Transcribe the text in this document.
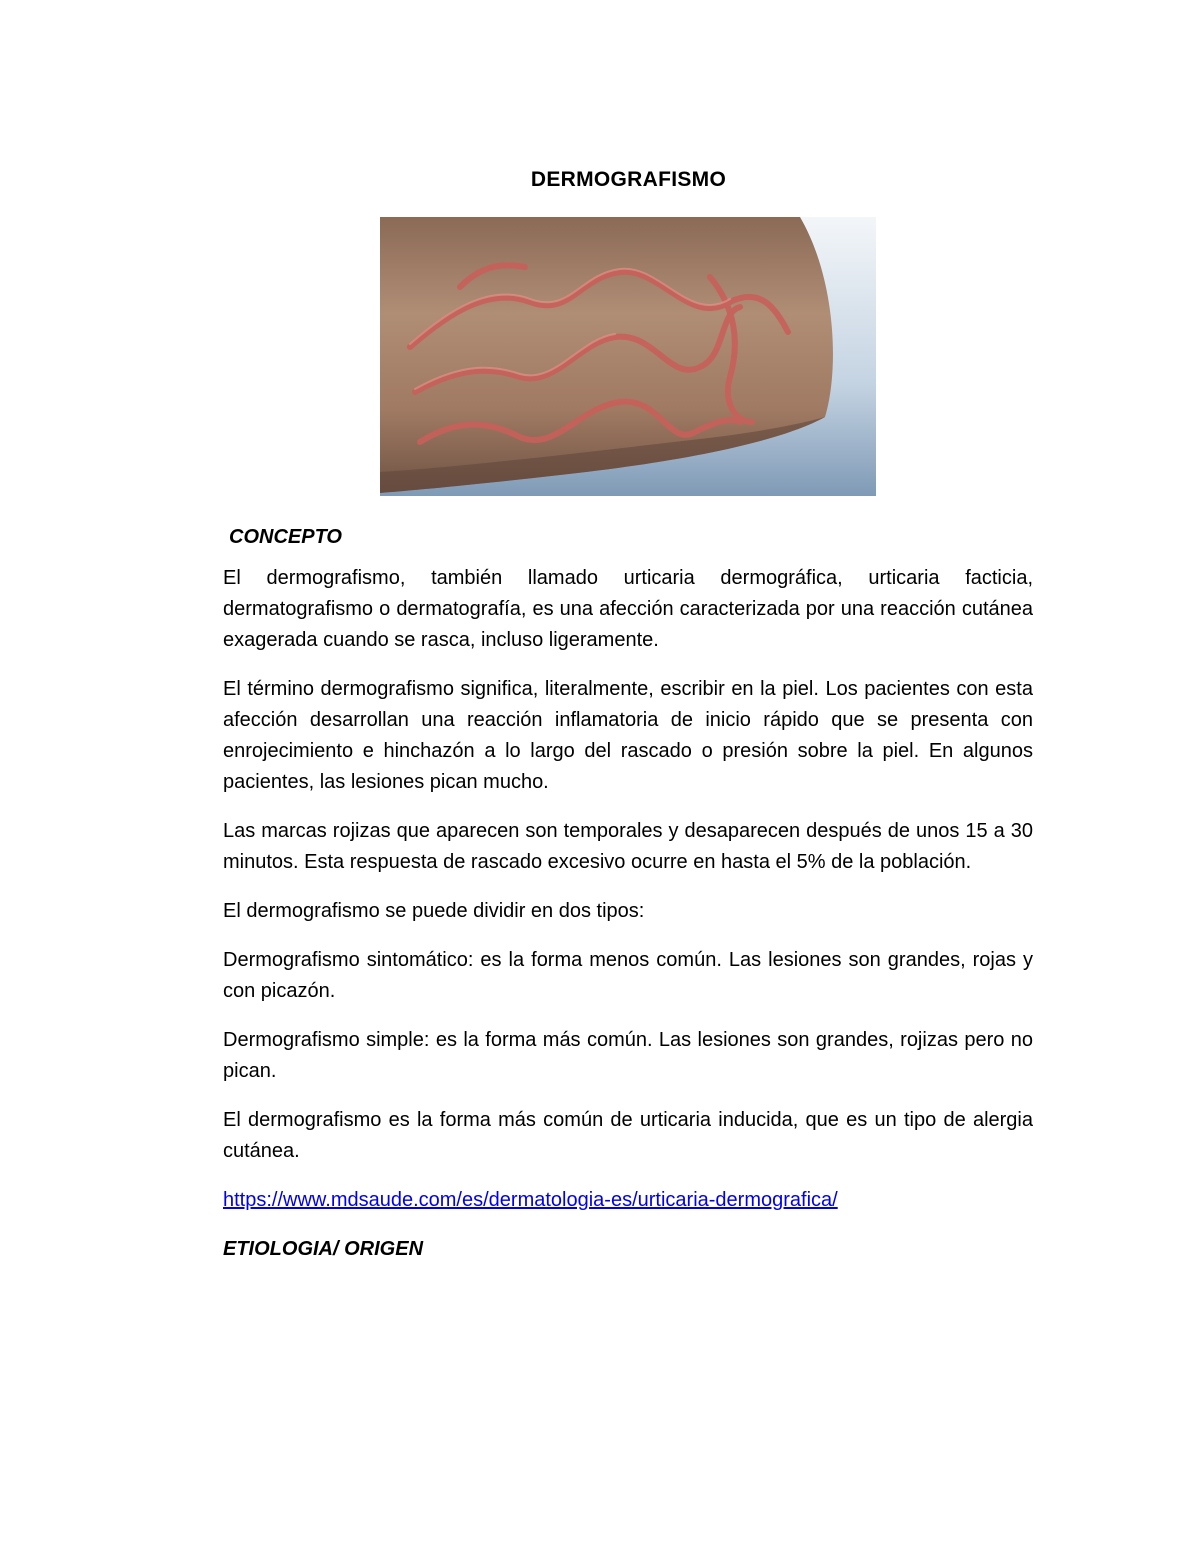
DERMOGRAFISMO

CONCEPTO

El dermografismo, también llamado urticaria dermográfica, urticaria facticia, dermatografismo o dermatografía, es una afección caracterizada por una reacción cutánea exagerada cuando se rasca, incluso ligeramente.

El término dermografismo significa, literalmente, escribir en la piel. Los pacientes con esta afección desarrollan una reacción inflamatoria de inicio rápido que se presenta con enrojecimiento e hinchazón a lo largo del rascado o presión sobre la piel. En algunos pacientes, las lesiones pican mucho.

Las marcas rojizas que aparecen son temporales y desaparecen después de unos 15 a 30 minutos. Esta respuesta de rascado excesivo ocurre en hasta el 5% de la población.

El dermografismo se puede dividir en dos tipos:

Dermografismo sintomático: es la forma menos común. Las lesiones son grandes, rojas y con picazón.

Dermografismo simple: es la forma más común. Las lesiones son grandes, rojizas pero no pican.

El dermografismo es la forma más común de urticaria inducida, que es un tipo de alergia cutánea.

https://www.mdsaude.com/es/dermatologia-es/urticaria-dermografica/

ETIOLOGIA/ ORIGEN
